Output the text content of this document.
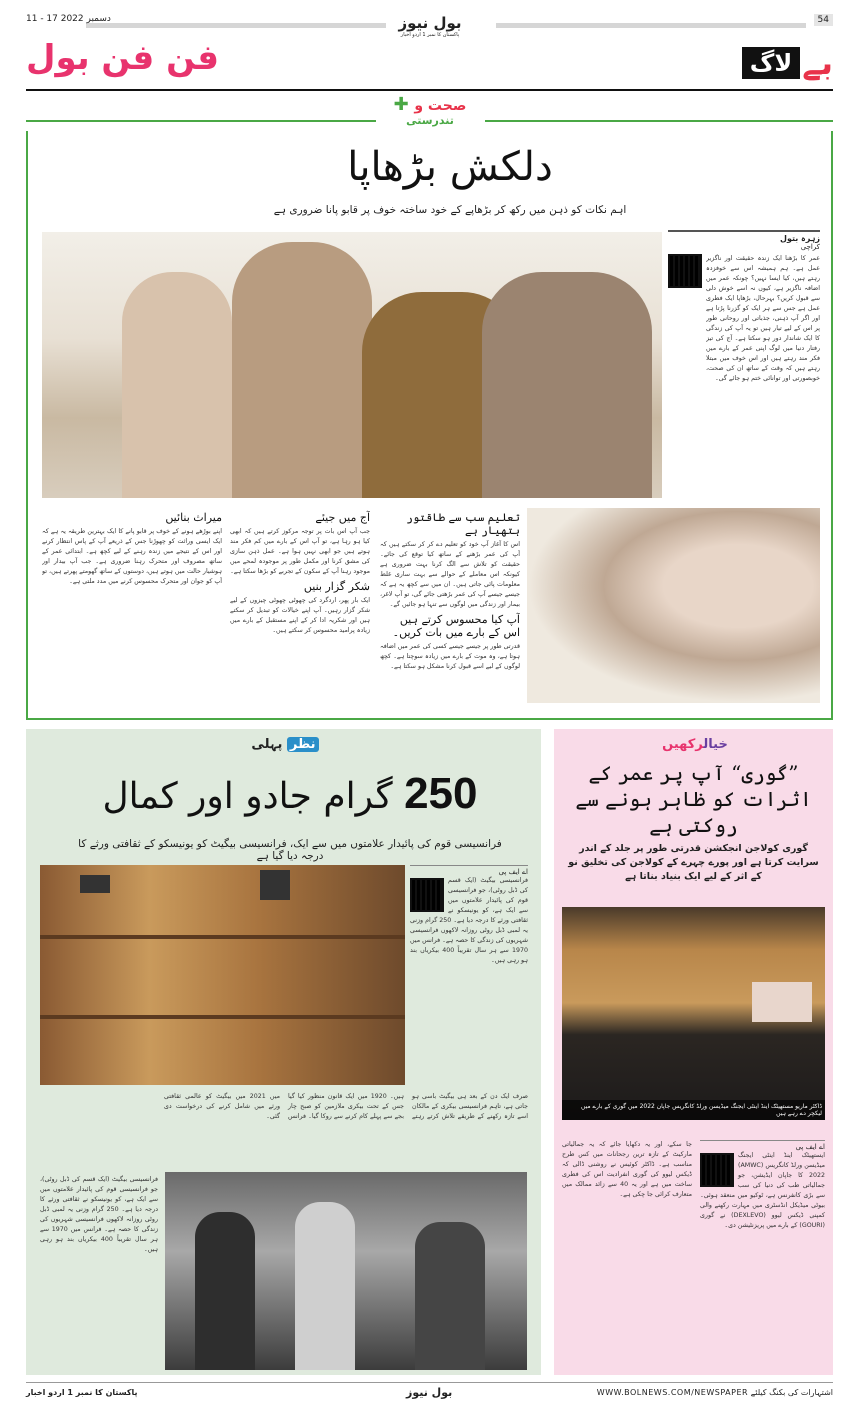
11 - 17 دسمبر 2022	54
بول نیوز
پاکستان کا نمبر 1 اردو اخبار
فن فن بول	بے
لاگ
✚ صحت و
تندرستی
دلکش بڑھاپا
اہم نکات کو ذہن میں رکھ کر بڑھاپے کے خود ساختہ خوف پر قابو پانا ضروری ہے
زہرہ بتول
کراچی
عمر کا بڑھنا ایک زندہ حقیقت اور ناگزیر عمل ہے۔ ہم ہمیشہ اس سے خوفزدہ رہتے ہیں، کیا ایسا نہیں؟ چونکہ عمر میں اضافہ ناگزیر ہے، کیوں نہ اسے خوش دلی سے قبول کریں؟ بہرحال، بڑھاپا ایک فطری عمل ہے جس سے ہر ایک کو گزرنا پڑتا ہے اور اگر آپ ذہنی، جذباتی اور روحانی طور پر اس کے لیے تیار ہیں تو یہ آپ کی زندگی کا ایک شاندار دور ہو سکتا ہے۔ آج کی تیز رفتار دنیا میں لوگ اپنی عمر کے بارے میں فکر مند رہتے ہیں اور اس خوف میں مبتلا رہتے ہیں کہ وقت کے ساتھ ان کی صحت، خوبصورتی اور توانائی ختم ہو جائے گی۔
تعلیم سب سے طاقتور ہتھیار ہے
اس کا آغاز آپ خود کو تعلیم دے کر کر سکتے ہیں کہ آپ کی عمر بڑھنے کے ساتھ کیا توقع کی جائے۔ حقیقت کو تلاش سے الگ کرنا بہت ضروری ہے کیونکہ اس معاملے کے حوالے سے بہت ساری غلط معلومات پائی جاتی ہیں۔ ان میں سے کچھ یہ ہے کہ جیسے جیسے آپ کی عمر بڑھتی جائے گی، تو آپ لاغر، بیمار اور زندگی میں لوگوں سے تنہا ہو جائیں گے۔
آپ کیا محسوس کرتے ہیں اس کے بارے میں بات کریں۔
قدرتی طور پر جیسے جیسے کسی کی عمر میں اضافہ ہوتا ہے، وہ موت کے بارے میں زیادہ سوچتا ہے۔ کچھ لوگوں کے لیے اسے قبول کرنا مشکل ہو سکتا ہے۔
آج میں جیئے
جب آپ اس بات پر توجہ مرکوز کرتے ہیں کہ ابھی کیا ہو رہا ہے، تو آپ اس کے بارے میں کم فکر مند ہوتے ہیں جو ابھی نہیں ہوا ہے۔ عمل ذہن سازی کی مشق کرنا اور مکمل طور پر موجودہ لمحے میں موجود رہنا آپ کے سکون کے تجربے کو بڑھا سکتا ہے۔
شکر گزار بنیں
ایک بار پھر، اردگرد کی چھوٹی چھوٹی چیزوں کے لیے شکر گزار رہیں۔ آپ اپنے خیالات کو تبدیل کر سکتے ہیں اور شکریہ ادا کر کے اپنے مستقبل کے بارے میں زیادہ پرامید محسوس کر سکتے ہیں۔
میراث بنائیں
اپنے بوڑھے ہونے کے خوف پر قابو پانے کا ایک بہترین طریقہ یہ ہے کہ ایک ایسی وراثت کو چھوڑنا جس کے ذریعے آپ کے پاس انتظار کرنے اور اس کے نتیجے میں زندہ رہنے کے لیے کچھ ہے۔ ابتدائی عمر کے ساتھ مصروف اور متحرک رہنا ضروری ہے۔ جب آپ بیدار اور ہوشیار حالت میں ہوتے ہیں، دوستوں کے ساتھ گھومتے پھرتے ہیں، تو آپ کو جوان اور متحرک محسوس کرنے میں مدد ملتی ہے۔
نظر پہلی
250 گرام جادو اور کمال
فرانسیسی قوم کی پائیدار علامتوں میں سے ایک، فرانسیسی بیگیٹ کو یونیسکو کے ثقافتی ورثے کا درجہ دیا گیا ہے
اے ایف پی
فرانسیسی بیگیٹ (ایک قسم کی ڈبل روٹی)، جو فرانسیسی قوم کی پائیدار علامتوں میں سے ایک ہے، کو یونیسکو نے ثقافتی ورثے کا درجہ دیا ہے۔ 250 گرام وزنی یہ لمبی ڈبل روٹی روزانہ لاکھوں فرانسیسی شہریوں کی زندگی کا حصہ ہے۔ فرانس میں 1970 سے ہر سال تقریباً 400 بیکریاں بند ہو رہی ہیں۔
صرف ایک دن کے بعد ہی بیگیٹ باسی ہو جاتی ہے، تاہم فرانسیسی بیکری کے مالکان اسے تازہ رکھنے کے طریقے تلاش کرتے رہتے ہیں۔ 1920 میں ایک قانون منظور کیا گیا جس کے تحت بیکری ملازمین کو صبح چار بجے سے پہلے کام کرنے سے روکا گیا۔ فرانس میں 2021 میں بیگیٹ کو عالمی ثقافتی ورثے میں شامل کرنے کی درخواست دی گئی۔
فرانسیسی بیگیٹ (ایک قسم کی ڈبل روٹی)، جو فرانسیسی قوم کی پائیدار علامتوں میں سے ایک ہے، کو یونیسکو نے ثقافتی ورثے کا درجہ دیا ہے۔ 250 گرام وزنی یہ لمبی ڈبل روٹی روزانہ لاکھوں فرانسیسی شہریوں کی زندگی کا حصہ ہے۔ فرانس میں 1970 سے ہر سال تقریباً 400 بیکریاں بند ہو رہی ہیں۔
خیالرکھیں
”گوری“ آپ پر عمر کے اثرات کو ظاہر ہونے سے روکتی ہے
گوری کولاجن انجکشن قدرتی طور پر جلد کے اندر سرایت کرتا ہے اور پورے چہرے کے کولاجن کی تخلیق نو کے اثر کے لیے ایک بنیاد بناتا ہے
ڈاکٹر ماریو مستھیٹک اینڈ اینٹی ایجنگ میڈیسن ورلڈ کانگریس جاپان 2022 میں گوری کے بارے میں لیکچر دے رہے ہیں
اے ایف پی
ایستھیٹک اینڈ اینٹی ایجنگ میڈیسن ورلڈ کانگریس (AMWC) 2022 کا جاپان ایڈیشن، جو جمالیاتی طب کی دنیا کی سب سے بڑی کانفرنس ہے، ٹوکیو میں منعقد ہوئی۔ بیوٹی میڈیکل انڈسٹری میں مہارت رکھنے والی کمپنی ڈیکس لیوو (DEXLEVO) نے گوری (GOURI) کے بارے میں پریزنٹیشن دی۔
جا سکے، اور یہ دکھایا جائے کہ یہ جمالیاتی مارکیٹ کے تازہ ترین رجحانات میں کس طرح مناسب ہے۔ ڈاکٹر کوئیس نے روشنی ڈالی کہ ڈیکس لیوو کی گوری انفرادیت اس کی فطری ساخت میں ہے اور یہ 40 سے زائد ممالک میں متعارف کرائی جا چکی ہے۔
اشتہارات کی بکنگ کیلئے WWW.BOLNEWS.COM/NEWSPAPER
بول نیوز
پاکستان کا نمبر 1 اردو اخبار
